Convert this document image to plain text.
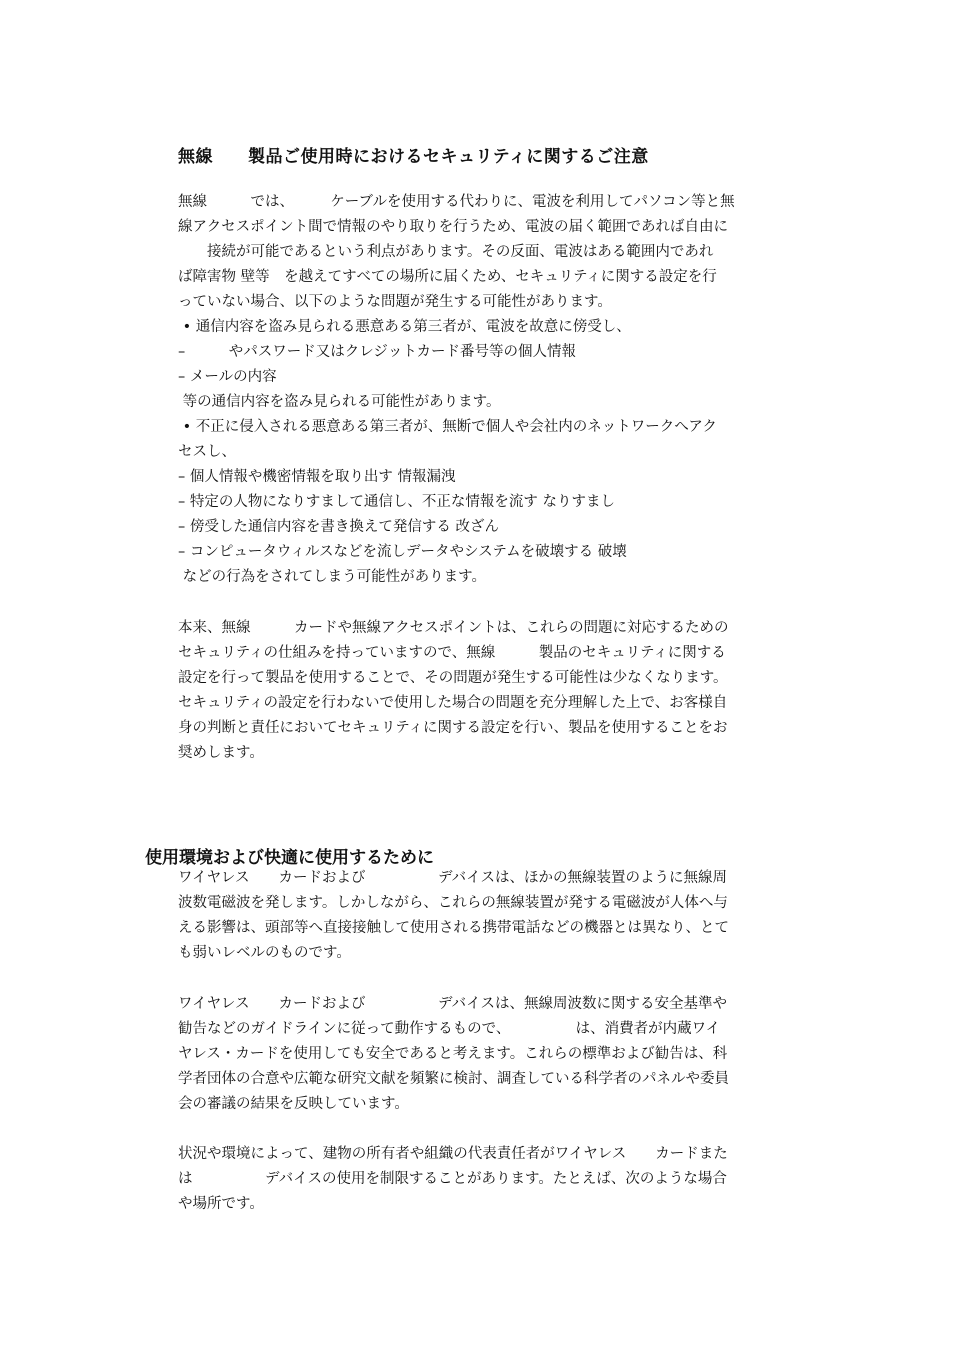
無線　　製品ご使用時におけるセキュリティに関するご注意
無線　　　では、　　　ケーブルを使用する代わりに、電波を利用してパソコン等と無
線アクセスポイント間で情報のやり取りを行うため、電波の届く範囲であれば自由に
　　接続が可能であるという利点があります。その反面、電波はある範囲内であれ
ば障害物 壁等　を越えてすべての場所に届くため、セキュリティに関する設定を行
っていない場合、以下のような問題が発生する可能性があります。
• 通信内容を盗み見られる悪意ある第三者が、電波を故意に傍受し、
–　　　やパスワード又はクレジットカード番号等の個人情報
– メールの内容
等の通信内容を盗み見られる可能性があります。
• 不正に侵入される悪意ある第三者が、無断で個人や会社内のネットワークへアク
セスし、
– 個人情報や機密情報を取り出す 情報漏洩
– 特定の人物になりすまして通信し、不正な情報を流す なりすまし
– 傍受した通信内容を書き換えて発信する 改ざん
– コンピュータウィルスなどを流しデータやシステムを破壊する 破壊
などの行為をされてしまう可能性があります。
本来、無線　　　カードや無線アクセスポイントは、これらの問題に対応するための
セキュリティの仕組みを持っていますので、無線　　　製品のセキュリティに関する
設定を行って製品を使用することで、その問題が発生する可能性は少なくなります。
セキュリティの設定を行わないで使用した場合の問題を充分理解した上で、お客様自
身の判断と責任においてセキュリティに関する設定を行い、製品を使用することをお
奨めします。
使用環境および快適に使用するために
ワイヤレス　　カードおよび　　　　　デバイスは、ほかの無線装置のように無線周
波数電磁波を発します。しかしながら、これらの無線装置が発する電磁波が人体へ与
える影響は、頭部等へ直接接触して使用される携帯電話などの機器とは異なり、とて
も弱いレベルのものです。
ワイヤレス　　カードおよび　　　　　デバイスは、無線周波数に関する安全基準や
勧告などのガイドラインに従って動作するもので、　　　　　は、消費者が内蔵ワイ
ヤレス・カードを使用しても安全であると考えます。これらの標準および勧告は、科
学者団体の合意や広範な研究文献を頻繁に検討、調査している科学者のパネルや委員
会の審議の結果を反映しています。
状況や環境によって、建物の所有者や組織の代表責任者がワイヤレス　　カードまた
は　　　　　デバイスの使用を制限することがあります。たとえば、次のような場合
や場所です。
